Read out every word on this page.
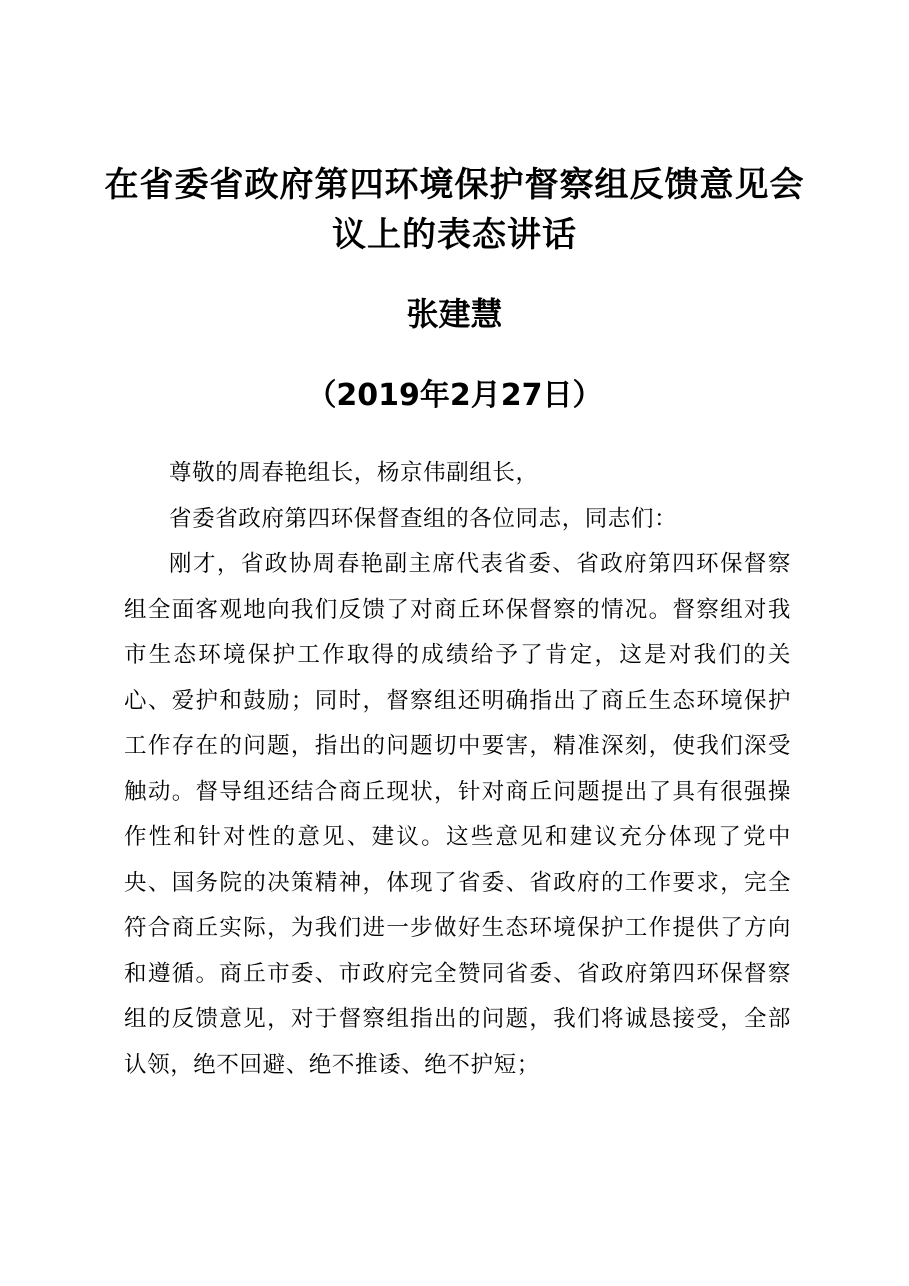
在省委省政府第四环境保护督察组反馈意见会议上的表态讲话
张建慧
（2019年2月27日）

尊敬的周春艳组长，杨京伟副组长，

省委省政府第四环保督查组的各位同志，同志们：

刚才，省政协周春艳副主席代表省委、省政府第四环保督察组全面客观地向我们反馈了对商丘环保督察的情况。督察组对我市生态环境保护工作取得的成绩给予了肯定，这是对我们的关心、爱护和鼓励；同时，督察组还明确指出了商丘生态环境保护工作存在的问题，指出的问题切中要害，精准深刻，使我们深受触动。督导组还结合商丘现状，针对商丘问题提出了具有很强操作性和针对性的意见、建议。这些意见和建议充分体现了党中央、国务院的决策精神，体现了省委、省政府的工作要求，完全符合商丘实际，为我们进一步做好生态环境保护工作提供了方向和遵循。商丘市委、市政府完全赞同省委、省政府第四环保督察组的反馈意见，对于督察组指出的问题，我们将诚恳接受，全部认领，绝不回避、绝不推诿、绝不护短；
